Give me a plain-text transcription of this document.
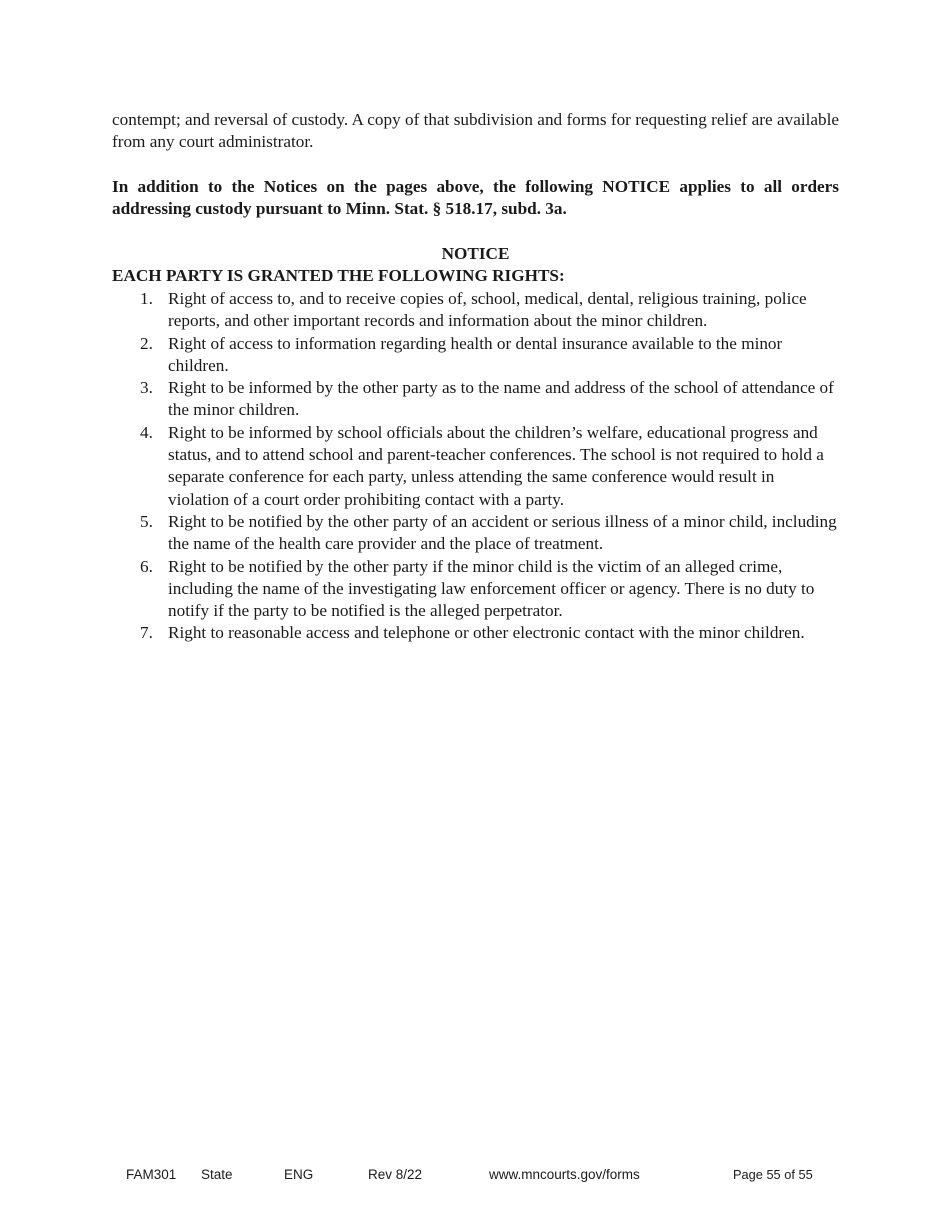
contempt; and reversal of custody. A copy of that subdivision and forms for requesting relief are available from any court administrator.

In addition to the Notices on the pages above, the following NOTICE applies to all orders addressing custody pursuant to Minn. Stat. § 518.17, subd. 3a.

NOTICE

EACH PARTY IS GRANTED THE FOLLOWING RIGHTS:

1. Right of access to, and to receive copies of, school, medical, dental, religious training, police reports, and other important records and information about the minor children.
2. Right of access to information regarding health or dental insurance available to the minor children.
3. Right to be informed by the other party as to the name and address of the school of attendance of the minor children.
4. Right to be informed by school officials about the children’s welfare, educational progress and status, and to attend school and parent-teacher conferences. The school is not required to hold a separate conference for each party, unless attending the same conference would result in violation of a court order prohibiting contact with a party.
5. Right to be notified by the other party of an accident or serious illness of a minor child, including the name of the health care provider and the place of treatment.
6. Right to be notified by the other party if the minor child is the victim of an alleged crime, including the name of the investigating law enforcement officer or agency. There is no duty to notify if the party to be notified is the alleged perpetrator.
7. Right to reasonable access and telephone or other electronic contact with the minor children.
FAM301 State	ENG	Rev 8/22	www.mncourts.gov/forms	Page 55 of 55
